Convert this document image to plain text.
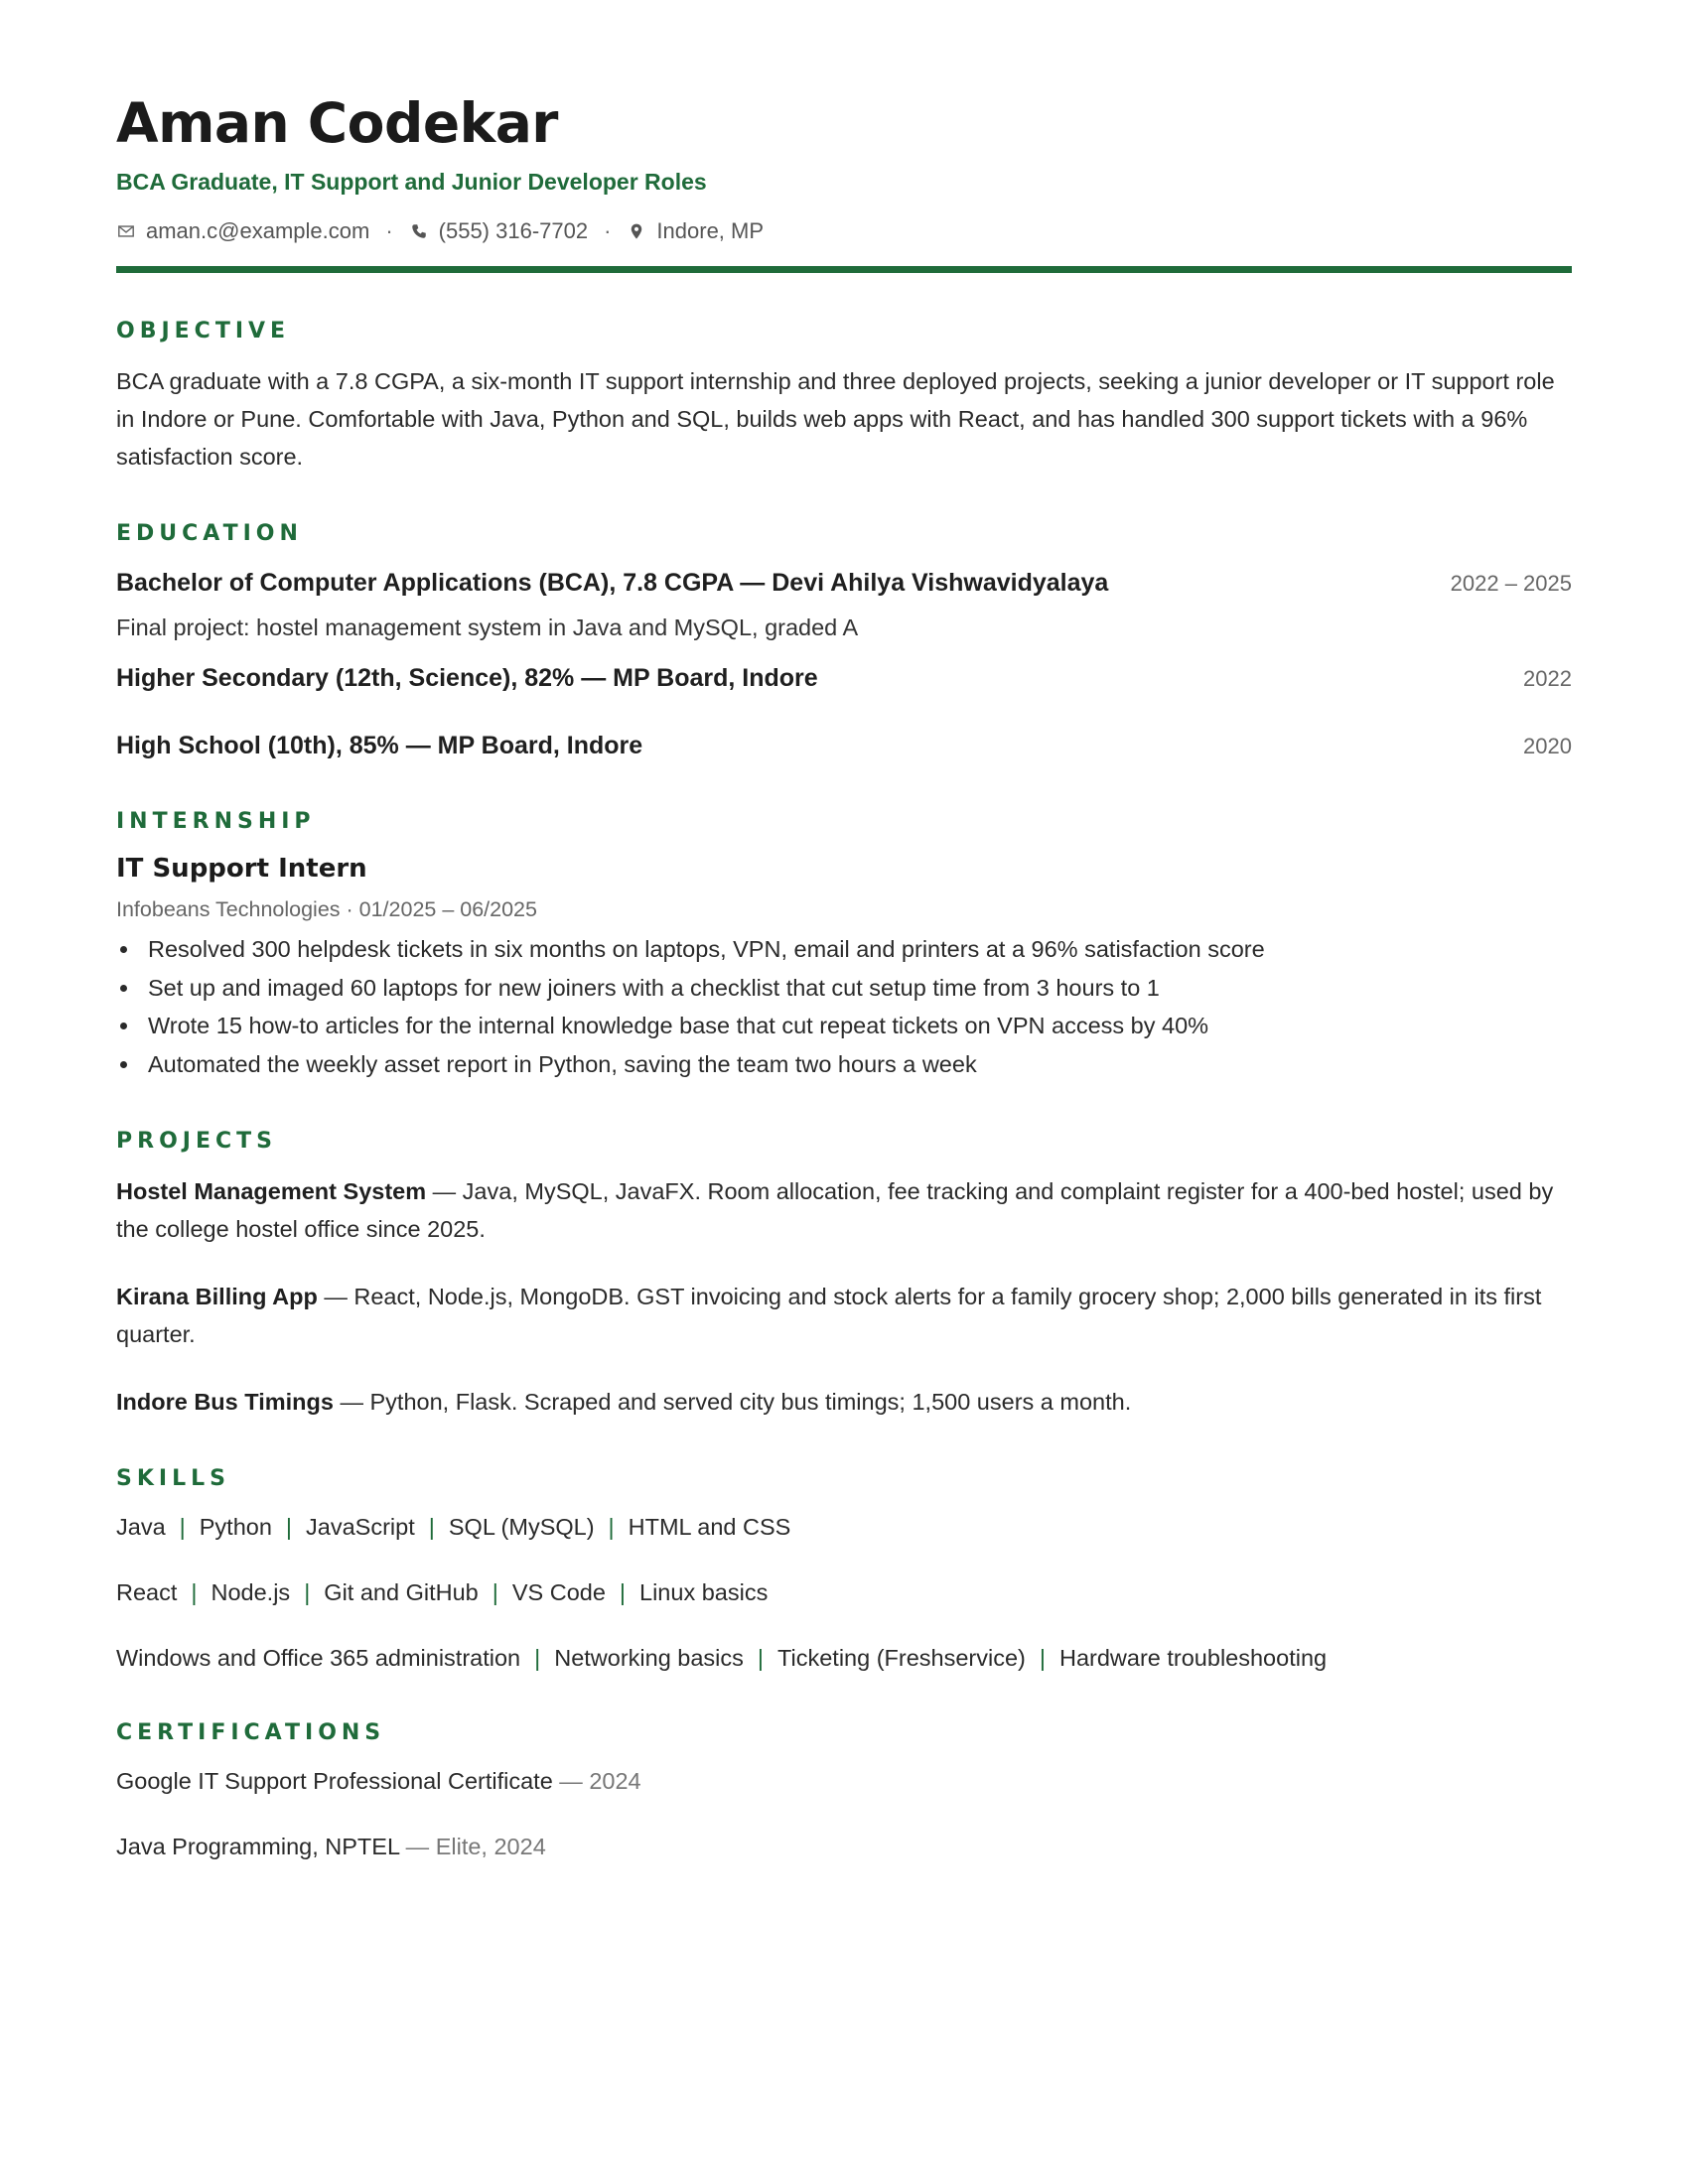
Aman Codekar
BCA Graduate, IT Support and Junior Developer Roles
aman.c@example.com · (555) 316-7702 · Indore, MP
OBJECTIVE
BCA graduate with a 7.8 CGPA, a six-month IT support internship and three deployed projects, seeking a junior developer or IT support role in Indore or Pune. Comfortable with Java, Python and SQL, builds web apps with React, and has handled 300 support tickets with a 96% satisfaction score.
EDUCATION
Bachelor of Computer Applications (BCA), 7.8 CGPA — Devi Ahilya Vishwavidyalaya	2022 – 2025
Final project: hostel management system in Java and MySQL, graded A
Higher Secondary (12th, Science), 82% — MP Board, Indore	2022
High School (10th), 85% — MP Board, Indore	2020
INTERNSHIP
IT Support Intern
Infobeans Technologies · 01/2025 – 06/2025
Resolved 300 helpdesk tickets in six months on laptops, VPN, email and printers at a 96% satisfaction score
Set up and imaged 60 laptops for new joiners with a checklist that cut setup time from 3 hours to 1
Wrote 15 how-to articles for the internal knowledge base that cut repeat tickets on VPN access by 40%
Automated the weekly asset report in Python, saving the team two hours a week
PROJECTS
Hostel Management System — Java, MySQL, JavaFX. Room allocation, fee tracking and complaint register for a 400-bed hostel; used by the college hostel office since 2025.
Kirana Billing App — React, Node.js, MongoDB. GST invoicing and stock alerts for a family grocery shop; 2,000 bills generated in its first quarter.
Indore Bus Timings — Python, Flask. Scraped and served city bus timings; 1,500 users a month.
SKILLS
Java | Python | JavaScript | SQL (MySQL) | HTML and CSS
React | Node.js | Git and GitHub | VS Code | Linux basics
Windows and Office 365 administration | Networking basics | Ticketing (Freshservice) | Hardware troubleshooting
CERTIFICATIONS
Google IT Support Professional Certificate — 2024
Java Programming, NPTEL — Elite, 2024
